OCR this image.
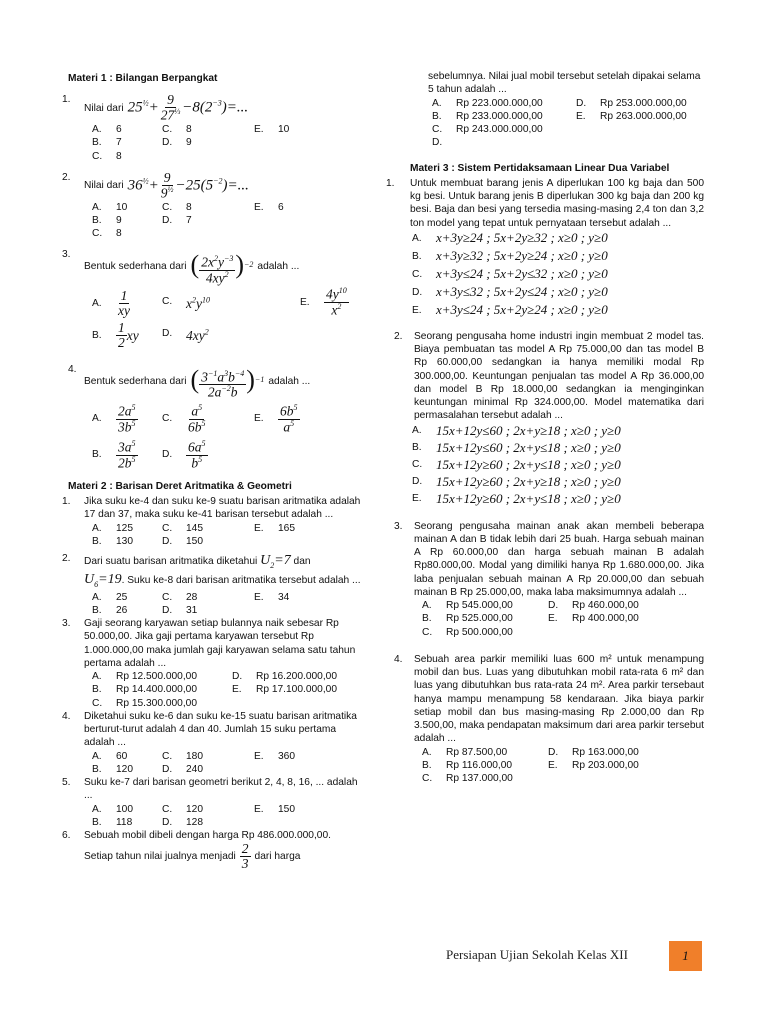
Materi 1 : Bilangan Berpangkat
1.
Nilai dari $25^{\frac{1}{2}}+ \frac{9}{27^{\frac{1}{3}}} -8(2^{-3})=$...
A.	6	C.	8	E.	10
B.	7	D.	9
C.	8
2.
Nilai dari $36^{\frac{1}{2}}+ \frac{9}{9^{\frac{1}{2}}} -25(5^{-2})=$...
A.	10	C.	8	E.	6
B.	9	D.	7
C.	8
3.
Bentuk sederhana dari ( $\frac{2x^2y^{-3}}{4xy^2} )^{-2}$ adalah ...
A.	$\frac{1}{xy}$	C.	$x^2y^{10}$	E.	$\frac{4y^{10}}{x^2}$
B.	$\frac{1}{2}$ xy D.	$4xy^2$
4.
Bentuk sederhana dari ( $\frac{3^{-1}a^3b^{-4}}{2a^{-2}b} )^{-1}$ adalah ...
A.	$\frac{2a^5}{3b^5} C$.	$\frac{a^5}{6b^5}$	E.	$\frac{6b^5}{a^5}$
B.	$\frac{3a^5}{2b^5} D$.	$\frac{6a^5}{b^5}$
Materi 2 : Barisan Deret Aritmatika & Geometri
1.	Jika suku ke-4 dan suku ke-9 suatu barisan aritmatika adalah 17 dan 37, maka suku ke-41 barisan tersebut adalah ...
A.	125	C.	145	E.	165
B.	130	D.	150
2.	Dari suatu barisan aritmatika diketahui $U_2=7$ dan
$U_6=19$. Suku ke-8 dari barisan aritmatika tersebut adalah ...
A.	25	C.	28	E.	34
B.	26	D.	31
3.	Gaji seorang karyawan setiap bulannya naik sebesar Rp 50.000,00. Jika gaji pertama karyawan tersebut Rp 1.000.000,00 maka jumlah gaji karyawan selama satu tahun pertama adalah ...
A.	Rp 12.500.000,00	D.	Rp 16.200.000,00
B.	Rp 14.400.000,00	E.	Rp 17.100.000,00
C.	Rp 15.300.000,00
4.	Diketahui suku ke-6 dan suku ke-15 suatu barisan aritmatika berturut-turut adalah 4 dan 40. Jumlah 15 suku pertama adalah ...
A.	60	C.	180	E.	360
B.	120	D.	240
5.	Suku ke-7 dari barisan geometri berikut 2, 4, 8, 16, ... adalah ...
A.	100	C.	120	E.	150
B.	118	D.	128
6.	Sebuah mobil dibeli dengan harga Rp 486.000.000,00.
Setiap tahun nilai jualnya menjadi $\frac{2}{3}$ dari harga
sebelumnya. Nilai jual mobil tersebut setelah dipakai selama 5 tahun adalah ...
A.	Rp 223.000.000,00	D.	Rp 253.000.000,00
B.	Rp 233.000.000,00	E.	Rp 263.000.000,00
C.	Rp 243.000.000,00
D.
Materi 3 : Sistem Pertidaksamaan Linear Dua Variabel
1.	Untuk membuat barang jenis A diperlukan 100 kg baja dan 500 kg besi. Untuk barang jenis B diperlukan 300 kg baja dan 200 kg besi. Baja dan besi yang tersedia masing-masing 2,4 ton dan 3,2 ton model yang tepat untuk pernyataan tersebut adalah ...
A.	x+3y≥24 ; 5x+2y≥32 ; x≥0 ; y≥0
B.	x+3y≥32 ; 5x+2y≥24 ; x≥0 ; y≥0
C.	x+3y≤24 ; 5x+2y≤32 ; x≥0 ; y≥0
D.	x+3y≤32 ; 5x+2y≤24 ; x≥0 ; y≥0
E.	x+3y≤24 ; 5x+2y≥24 ; x≥0 ; y≥0
2.	Seorang pengusaha home industri ingin membuat 2 model tas. Biaya pembuatan tas model A Rp 75.000,00 dan tas model B Rp 60.000,00 sedangkan ia hanya memiliki modal Rp 300.000,00. Keuntungan penjualan tas model A Rp 36.000,00 dan model B Rp 18.000,00 sedangkan ia menginginkan keuntungan minimal Rp 324.000,00. Model matematika dari permasalahan tersebut adalah ...
A.	15x+12y≤60 ; 2x+y≥18 ; x≥0 ; y≥0
B.	15x+12y≤60 ; 2x+y≤18 ; x≥0 ; y≥0
C.	15x+12y≥60 ; 2x+y≤18 ; x≥0 ; y≥0
D.	15x+12y≥60 ; 2x+y≥18 ; x≥0 ; y≥0
E.	15x+12y≥60 ; 2x+y≤18 ; x≥0 ; y≥0
3.	Seorang pengusaha mainan anak akan membeli beberapa mainan A dan B tidak lebih dari 25 buah. Harga sebuah mainan A Rp 60.000,00 dan harga sebuah mainan B adalah Rp80.000,00. Modal yang dimiliki hanya Rp 1.680.000,00. Jika laba penjualan sebuah mainan A Rp 20.000,00 dan sebuah mainan B Rp 25.000,00, maka laba maksimumnya adalah ...
A.	Rp 545.000,00	D.	Rp 460.000,00
B.	Rp 525.000,00	E.	Rp 400.000,00
C.	Rp 500.000,00
4.	Sebuah area parkir memiliki luas 600 m² untuk menampung mobil dan bus. Luas yang dibutuhkan mobil rata-rata 6 m² dan luas yang dibutuhkan bus rata-rata 24 m². Area parkir tersebaut hanya mampu menampung 58 kendaraan. Jika biaya parkir setiap mobil dan bus masing-masing Rp 2.000,00 dan Rp 3.500,00, maka pendapatan maksimum dari area parkir tersebut adalah ...
A.	Rp 87.500,00	D.	Rp 163.000,00
B.	Rp 116.000,00	E.	Rp 203.000,00
C.	Rp 137.000,00
Persiapan Ujian Sekolah Kelas XII	1
